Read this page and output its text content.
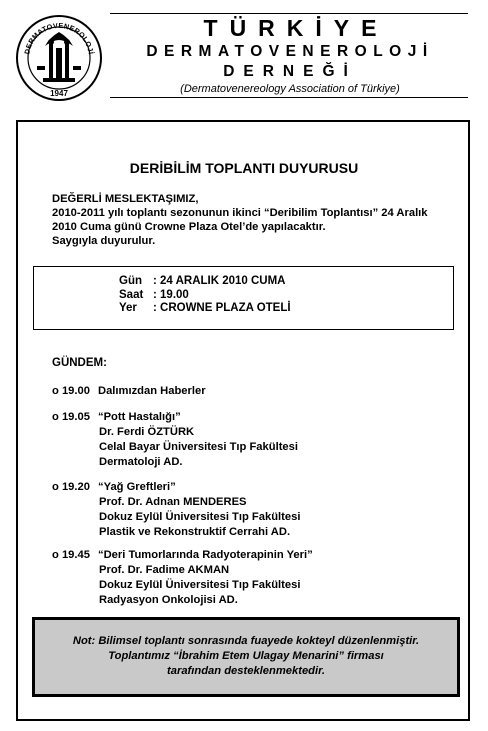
DERMATOVENEROLOJİ
1947
TÜRKİYE
DERMATOVENEROLOJİ
DERNEĞİ
(Dermatovenereology Association of Türkiye)
DERİBİLİM TOPLANTI DUYURUSU
DEĞERLİ MESLEKTAŞIMIZ,
2010-2011 yılı toplantı sezonunun ikinci “Deribilim Toplantısı” 24 Aralık
2010 Cuma günü Crowne Plaza Otel’de yapılacaktır.
Saygıyla duyurulur.
Gün	: 24 ARALIK 2010 CUMA
Saat	: 19.00
Yer	: CROWNE PLAZA OTELİ
GÜNDEM:
o 19.00 Dalımızdan Haberler
o 19.05 “Pott Hastalığı”
Dr. Ferdi ÖZTÜRK
Celal Bayar Üniversitesi Tıp Fakültesi
Dermatoloji AD.
o 19.20 “Yağ Greftleri”
Prof. Dr. Adnan MENDERES
Dokuz Eylül Üniversitesi Tıp Fakültesi
Plastik ve Rekonstruktif Cerrahi AD.
o 19.45 “Deri Tumorlarında Radyoterapinin Yeri”
Prof. Dr. Fadime AKMAN
Dokuz Eylül Üniversitesi Tıp Fakültesi
Radyasyon Onkolojisi AD.
Not: Bilimsel toplantı sonrasında fuayede kokteyl düzenlenmiştir.
Toplantımız “İbrahim Etem Ulagay Menarini” firması
tarafından desteklenmektedir.
